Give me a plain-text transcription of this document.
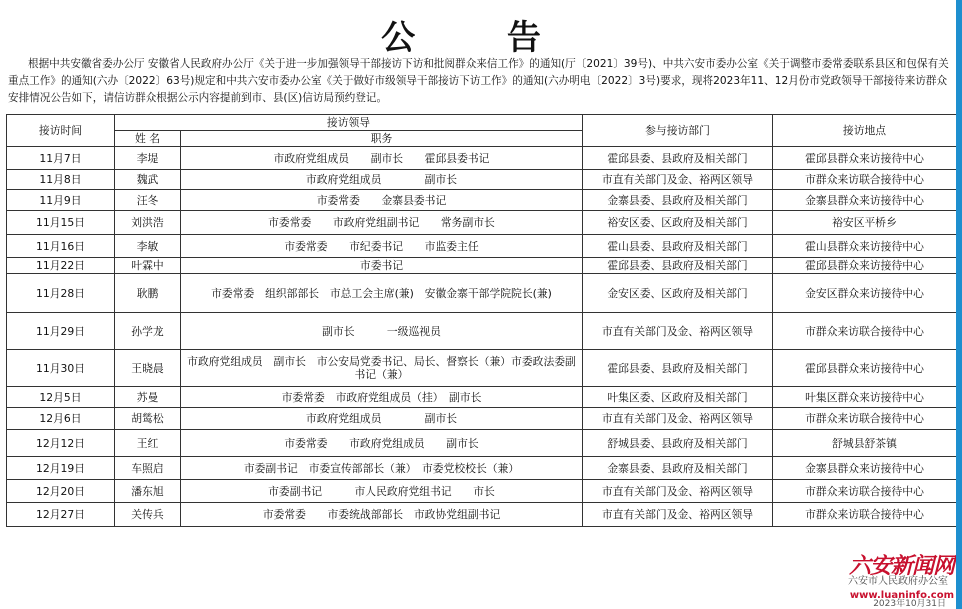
公 告
根据中共安徽省委办公厅 安徽省人民政府办公厅《关于进一步加强领导干部接访下访和批阅群众来信工作》的通知(厅〔2021〕39号)、中共六安市委办公室《关于调整市委常委联系县区和包保有关重点工作》的通知(六办〔2022〕63号)规定和中共六安市委办公室《关于做好市级领导干部接访下访工作》的通知(六办明电〔2022〕3号)要求，现将2023年11、12月份市党政领导干部接待来访群众安排情况公告如下，请信访群众根据公示内容提前到市、县(区)信访局预约登记。
接访时间	接访领导		参与接访部门	接访地点
	姓 名	职务		
11月7日	李堤	市政府党组成员　　副市长　　霍邱县委书记	霍邱县委、县政府及相关部门	霍邱县群众来访接待中心
11月8日	魏武	市政府党组成员　　　　副市长	市直有关部门及金、裕两区领导	市群众来访联合接待中心
11月9日	汪冬	市委常委　　金寨县委书记	金寨县委、县政府及相关部门	金寨县群众来访接待中心
11月15日	刘洪浩	市委常委　　市政府党组副书记　　常务副市长	裕安区委、区政府及相关部门	裕安区平桥乡
11月16日	李敏	市委常委　　市纪委书记　　市监委主任	霍山县委、县政府及相关部门	霍山县群众来访接待中心
11月22日	叶霖中	市委书记	霍邱县委、县政府及相关部门	霍邱县群众来访接待中心
11月28日	耿鹏	市委常委　组织部部长　市总工会主席(兼)　安徽金寨干部学院院长(兼)	金安区委、区政府及相关部门	金安区群众来访接待中心
11月29日	孙学龙	副市长　　　一级巡视员	市直有关部门及金、裕两区领导	市群众来访联合接待中心
11月30日	王晓晨	市政府党组成员　副市长　市公安局党委书记、局长、督察长（兼）市委政法委副书记（兼）	霍邱县委、县政府及相关部门	霍邱县群众来访接待中心
12月5日	苏曼	市委常委　市政府党组成员（挂）　副市长	叶集区委、区政府及相关部门	叶集区群众来访接待中心
12月6日	胡鸶松	市政府党组成员　　　　副市长	市直有关部门及金、裕两区领导	市群众来访联合接待中心
12月12日	王红	市委常委　　市政府党组成员　　副市长	舒城县委、县政府及相关部门	舒城县舒茶镇
12月19日	车照启	市委副书记　市委宣传部部长（兼）　市委党校校长（兼）	金寨县委、县政府及相关部门	金寨县群众来访接待中心
12月20日	潘东旭	市委副书记　　　市人民政府党组书记　　市长	市直有关部门及金、裕两区领导	市群众来访联合接待中心
12月27日	关传兵	市委常委　　市委统战部部长　市政协党组副书记	市直有关部门及金、裕两区领导	市群众来访联合接待中心
六安新闻网
六安市人民政府办公室
2023年10月31日
www.luaninfo.com
